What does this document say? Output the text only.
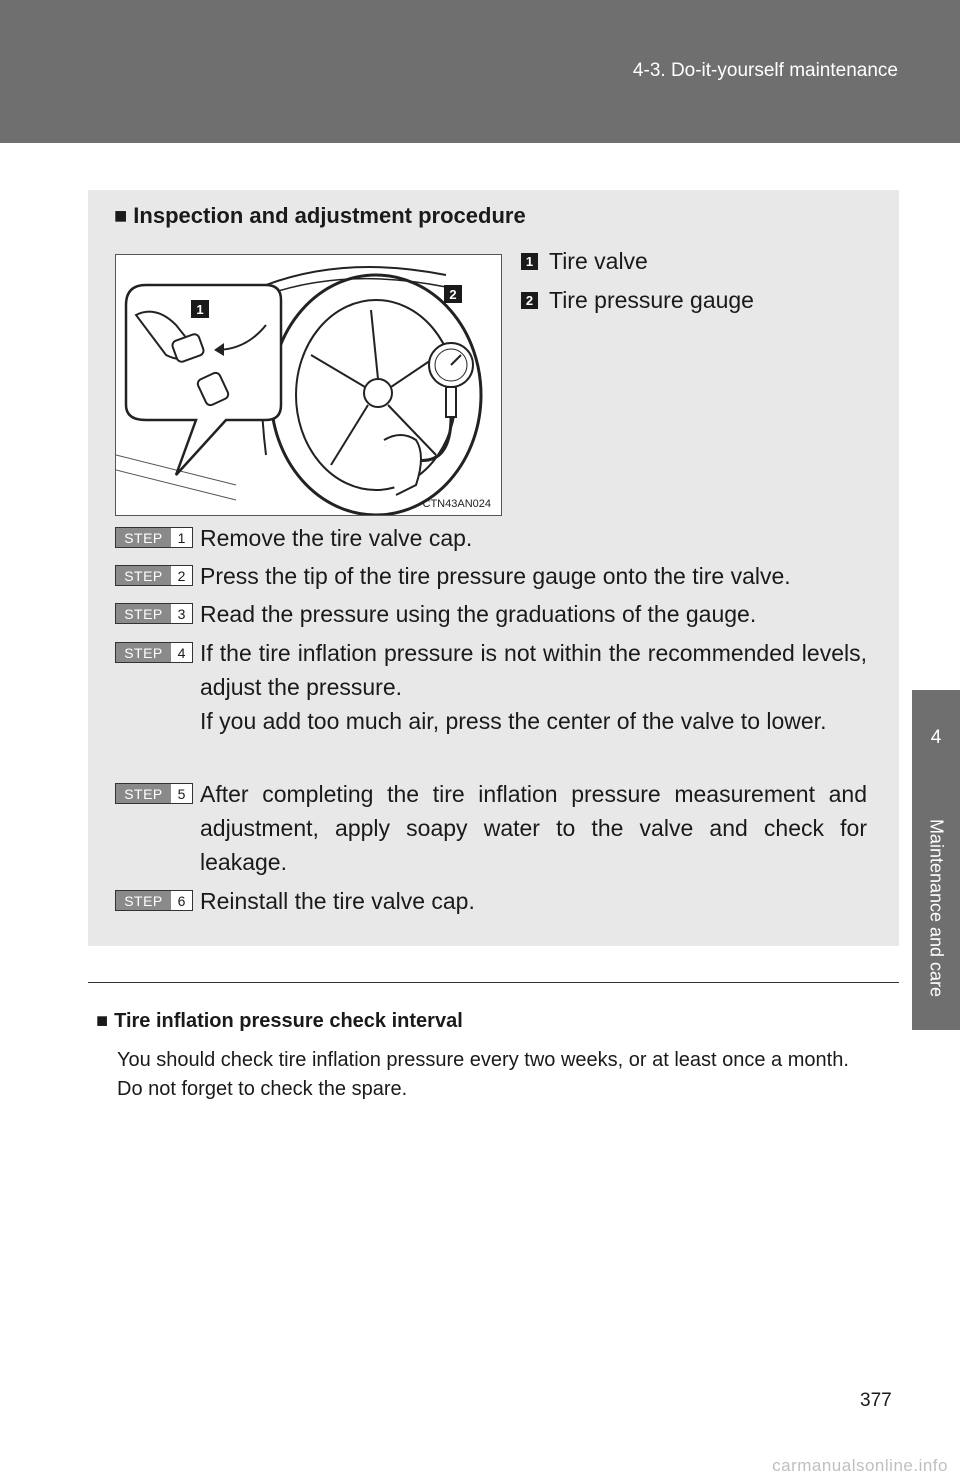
4-3. Do-it-yourself maintenance
4
Maintenance and care
■ Inspection and adjustment procedure
1
2
CTN43AN024
1 Tire valve
2 Tire pressure gauge
STEP	1 Remove the tire valve cap.

STEP	2 Press the tip of the tire pressure gauge onto the tire valve.

STEP	3 Read the pressure using the graduations of the gauge.

STEP	4 If the tire inflation pressure is not within the recommended levels, adjust the pressure.

If you add too much air, press the center of the valve to lower.

STEP	5 After completing the tire inflation pressure measurement and adjustment, apply soapy water to the valve and check for leakage.

STEP	6 Reinstall the tire valve cap.

■ Tire inflation pressure check interval

You should check tire inflation pressure every two weeks, or at least once a month.

Do not forget to check the spare.

377
carmanualsonline.info
